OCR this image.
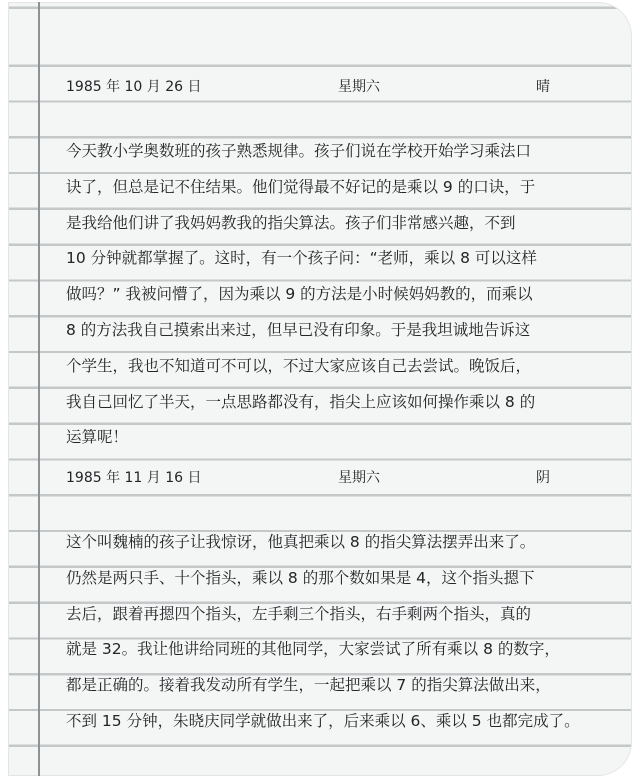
1985 年 10 月 26 日	星期六	晴
今天教小学奥数班的孩子熟悉规律。孩子们说在学校开始学习乘法口
诀了，但总是记不住结果。他们觉得最不好记的是乘以 9 的口诀，于
是我给他们讲了我妈妈教我的指尖算法。孩子们非常感兴趣，不到
10 分钟就都掌握了。这时，有一个孩子问：“老师，乘以 8 可以这样
做吗？” 我被问懵了，因为乘以 9 的方法是小时候妈妈教的，而乘以
8 的方法我自己摸索出来过，但早已没有印象。于是我坦诚地告诉这
个学生，我也不知道可不可以，不过大家应该自己去尝试。晚饭后，
我自己回忆了半天，一点思路都没有，指尖上应该如何操作乘以 8 的
运算呢！
1985 年 11 月 16 日	星期六	阴
这个叫魏楠的孩子让我惊讶，他真把乘以 8 的指尖算法摆弄出来了。
仍然是两只手、十个指头，乘以 8 的那个数如果是 4，这个指头摁下
去后，跟着再摁四个指头，左手剩三个指头，右手剩两个指头，真的
就是 32。我让他讲给同班的其他同学，大家尝试了所有乘以 8 的数字，
都是正确的。接着我发动所有学生，一起把乘以 7 的指尖算法做出来，
不到 15 分钟，朱晓庆同学就做出来了，后来乘以 6、乘以 5 也都完成了。
